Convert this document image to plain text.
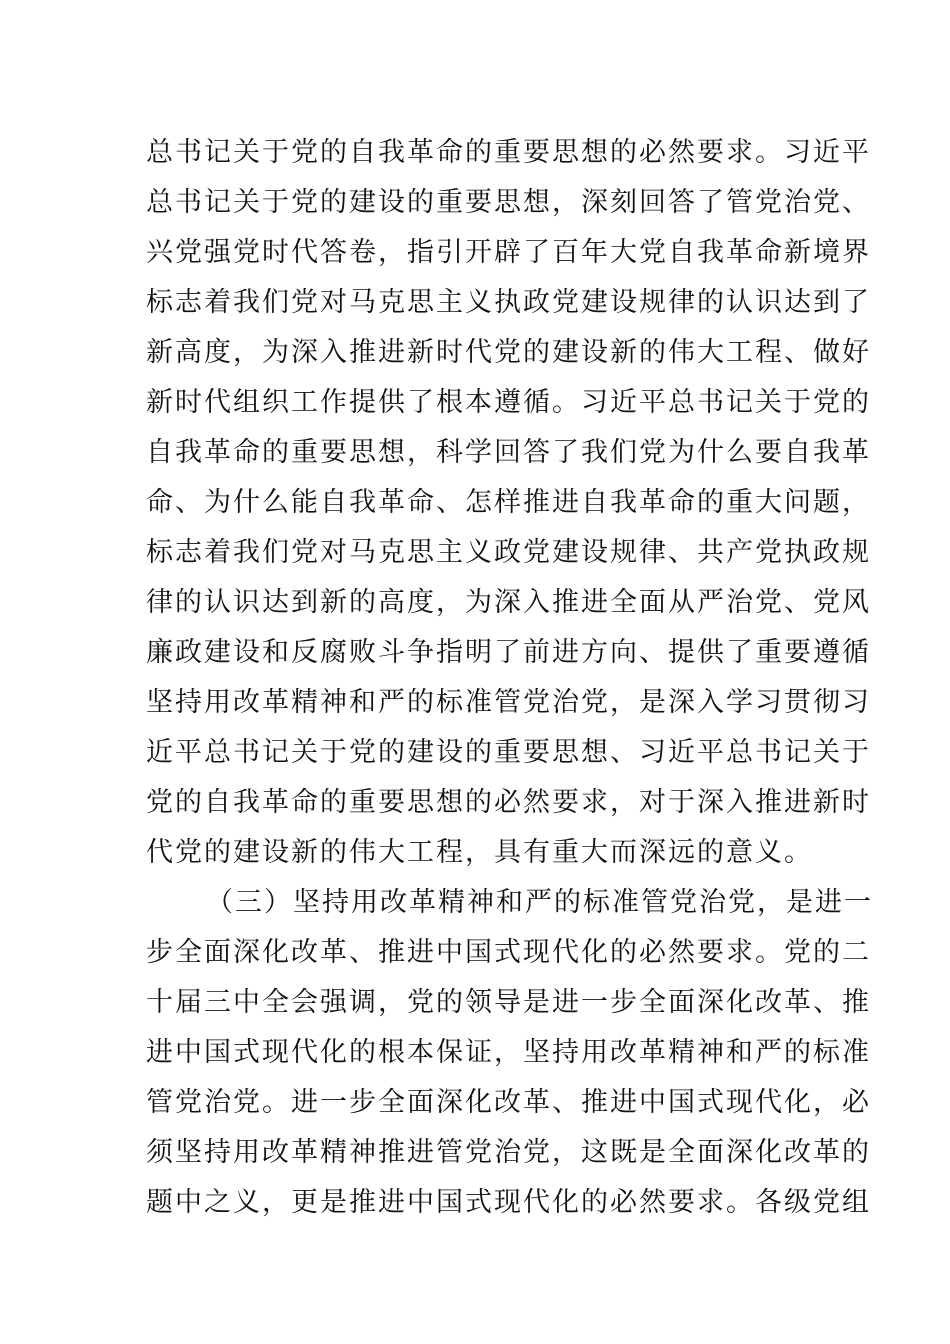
总书记关于党的自我革命的重要思想的必然要求。习近平
总书记关于党的建设的重要思想，深刻回答了管党治党、
兴党强党时代答卷，指引开辟了百年大党自我革命新境界
标志着我们党对马克思主义执政党建设规律的认识达到了
新高度，为深入推进新时代党的建设新的伟大工程、做好
新时代组织工作提供了根本遵循。习近平总书记关于党的
自我革命的重要思想，科学回答了我们党为什么要自我革
命、为什么能自我革命、怎样推进自我革命的重大问题，
标志着我们党对马克思主义政党建设规律、共产党执政规
律的认识达到新的高度，为深入推进全面从严治党、党风
廉政建设和反腐败斗争指明了前进方向、提供了重要遵循
坚持用改革精神和严的标准管党治党，是深入学习贯彻习
近平总书记关于党的建设的重要思想、习近平总书记关于
党的自我革命的重要思想的必然要求，对于深入推进新时
代党的建设新的伟大工程，具有重大而深远的意义。
（三）坚持用改革精神和严的标准管党治党，是进一
步全面深化改革、推进中国式现代化的必然要求。党的二
十届三中全会强调，党的领导是进一步全面深化改革、推
进中国式现代化的根本保证，坚持用改革精神和严的标准
管党治党。进一步全面深化改革、推进中国式现代化，必
须坚持用改革精神推进管党治党，这既是全面深化改革的
题中之义，更是推进中国式现代化的必然要求。各级党组
